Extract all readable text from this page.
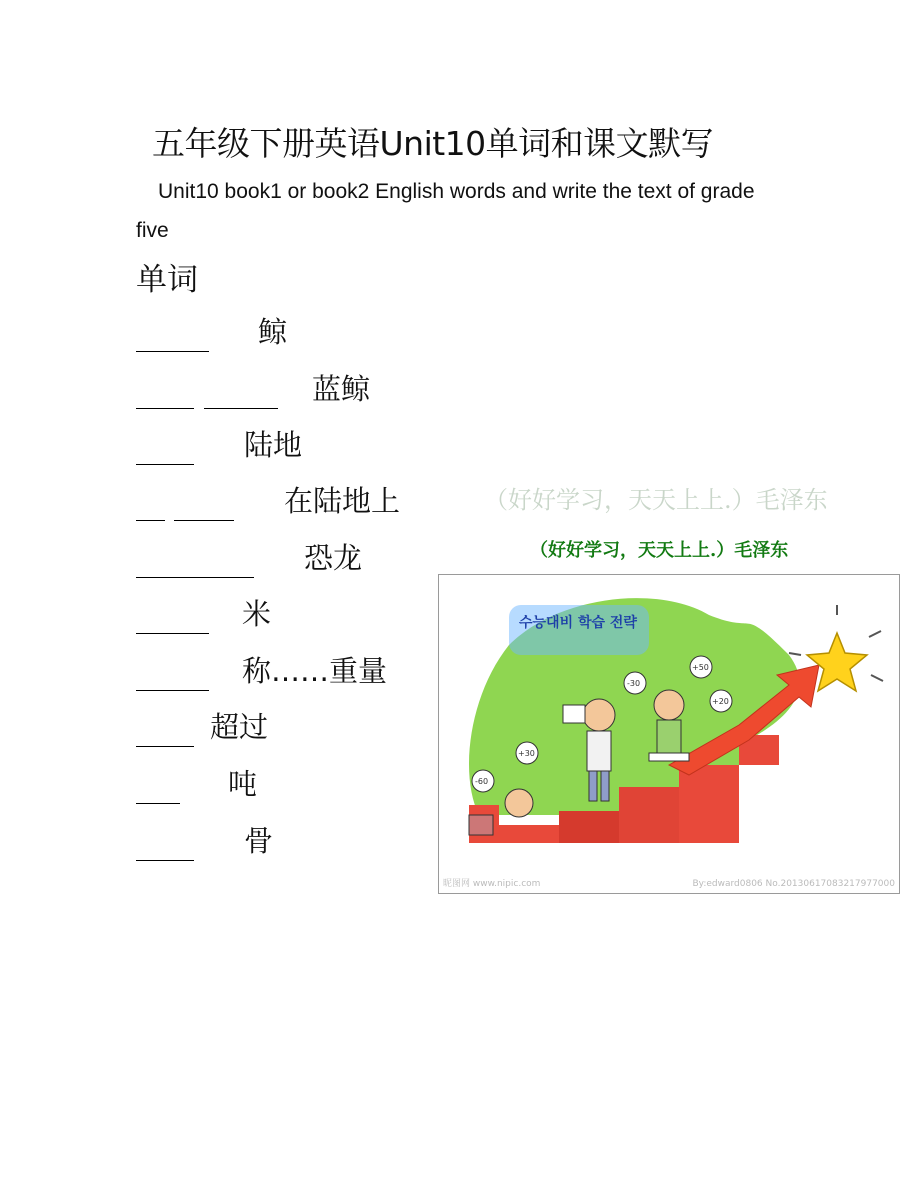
五年级下册英语Unit10单词和课文默写
Unit10 book1 or book2 English words and write the text of grade five
单词
鲸
蓝鲸
陆地
在陆地上
恐龙
米
称……重量
超过
吨
骨
（好好学习，天天上上.）毛泽东
（好好学习，天天上上.）毛泽东
수능대비 학습 전략
+50
+30
-30
-60
+20
昵图网 www.nipic.com	By:edward0806 No.20130617083217977000
